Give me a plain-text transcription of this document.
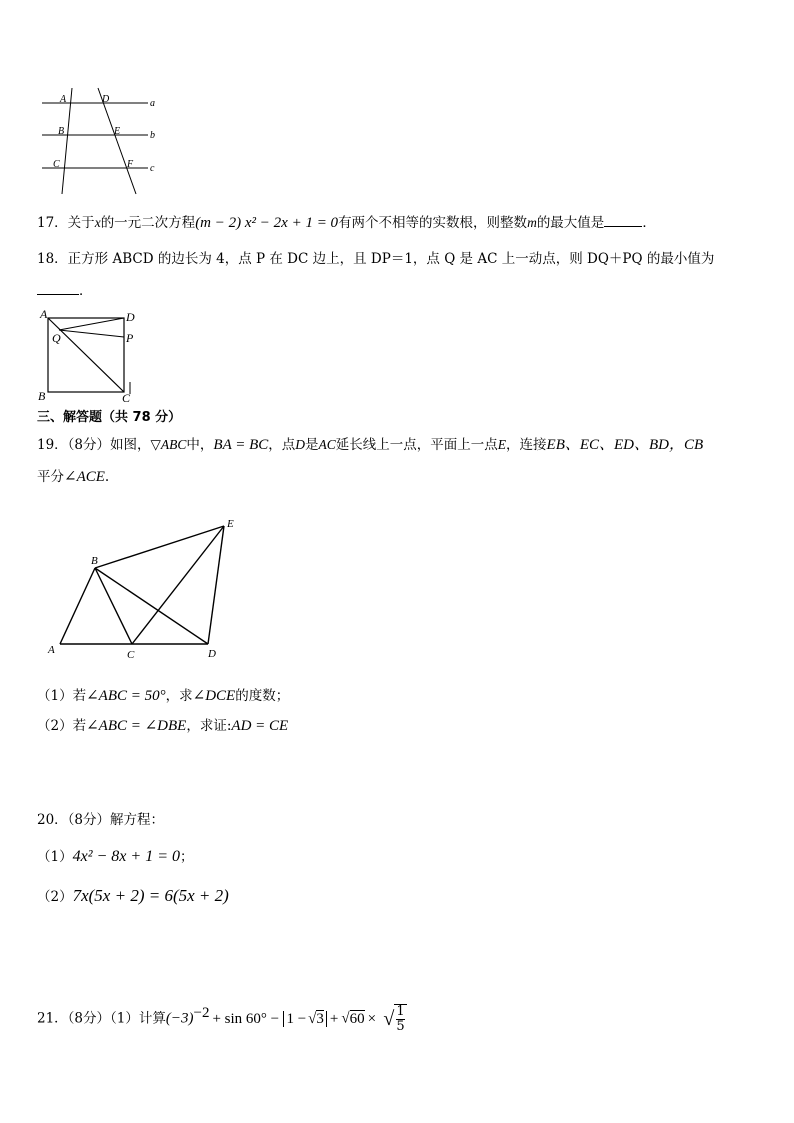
A	D	a
B	E	b
C	F c
17．关于x的一元二次方程(m − 2) x² − 2x + 1 = 0有两个不相等的实数根，则整数m的最大值是	．
18．正方形 ABCD 的边长为 4，点 P 在 DC 边上，且 DP＝1，点 Q 是 AC 上一动点，则 DQ＋PQ 的最小值为
．
A	D
Q	P
B	C
三、解答题（共 78 分）
19．（8分）如图，▽ABC中，BA = BC，点D是AC延长线上一点，平面上一点E，连接EB、EC、ED、BD，CB
平分∠ACE.
E
B
A	C	D
（1）若∠ABC = 50°，求∠DCE的度数；
（2）若∠ABC = ∠DBE，求证:AD = CE
20．（8分）解方程：
（1）4x² − 8x + 1 = 0；
（2）7x(5x + 2) = 6(5x + 2)
21．（8分）（1）计算$(-3)^{-2} + \sin 60^\circ - 1 - √3 + √60$ × √ $\frac{1}{5}$
